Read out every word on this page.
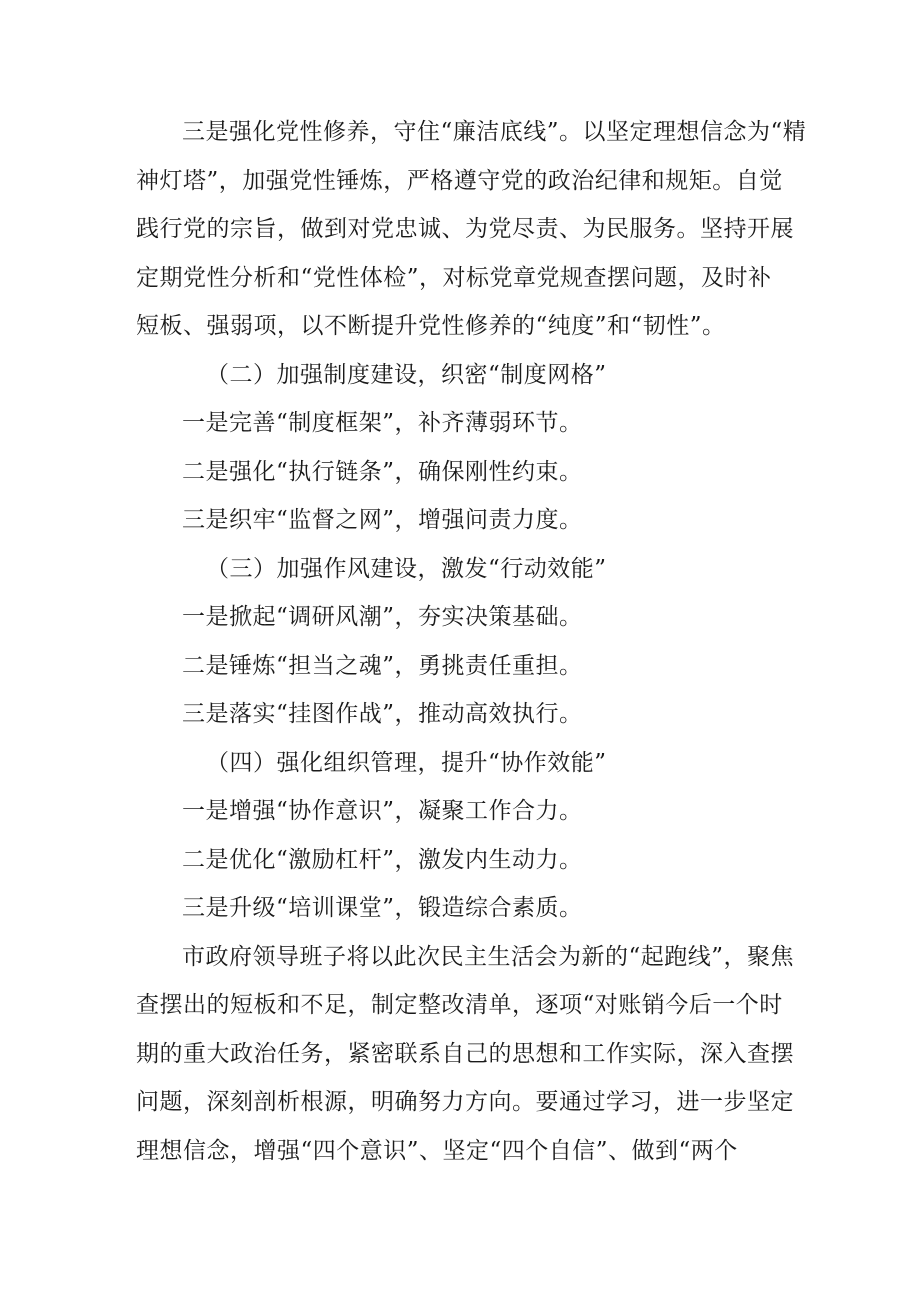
三是强化党性修养，守住“廉洁底线”。以坚定理想信念为“精

神灯塔”，加强党性锤炼，严格遵守党的政治纪律和规矩。自觉

践行党的宗旨，做到对党忠诚、为党尽责、为民服务。坚持开展

定期党性分析和“党性体检”，对标党章党规查摆问题，及时补

短板、强弱项，以不断提升党性修养的“纯度”和“韧性”。

（二）加强制度建设，织密“制度网格”

一是完善“制度框架”，补齐薄弱环节。

二是强化“执行链条”，确保刚性约束。

三是织牢“监督之网”，增强问责力度。

（三）加强作风建设，激发“行动效能”

一是掀起“调研风潮”，夯实决策基础。

二是锤炼“担当之魂”，勇挑责任重担。

三是落实“挂图作战”，推动高效执行。

（四）强化组织管理，提升“协作效能”

一是增强“协作意识”，凝聚工作合力。

二是优化“激励杠杆”，激发内生动力。

三是升级“培训课堂”，锻造综合素质。

市政府领导班子将以此次民主生活会为新的“起跑线”，聚焦

查摆出的短板和不足，制定整改清单，逐项“对账销今后一个时

期的重大政治任务，紧密联系自己的思想和工作实际，深入查摆

问题，深刻剖析根源，明确努力方向。要通过学习，进一步坚定

理想信念，增强“四个意识”、坚定“四个自信”、做到“两个
